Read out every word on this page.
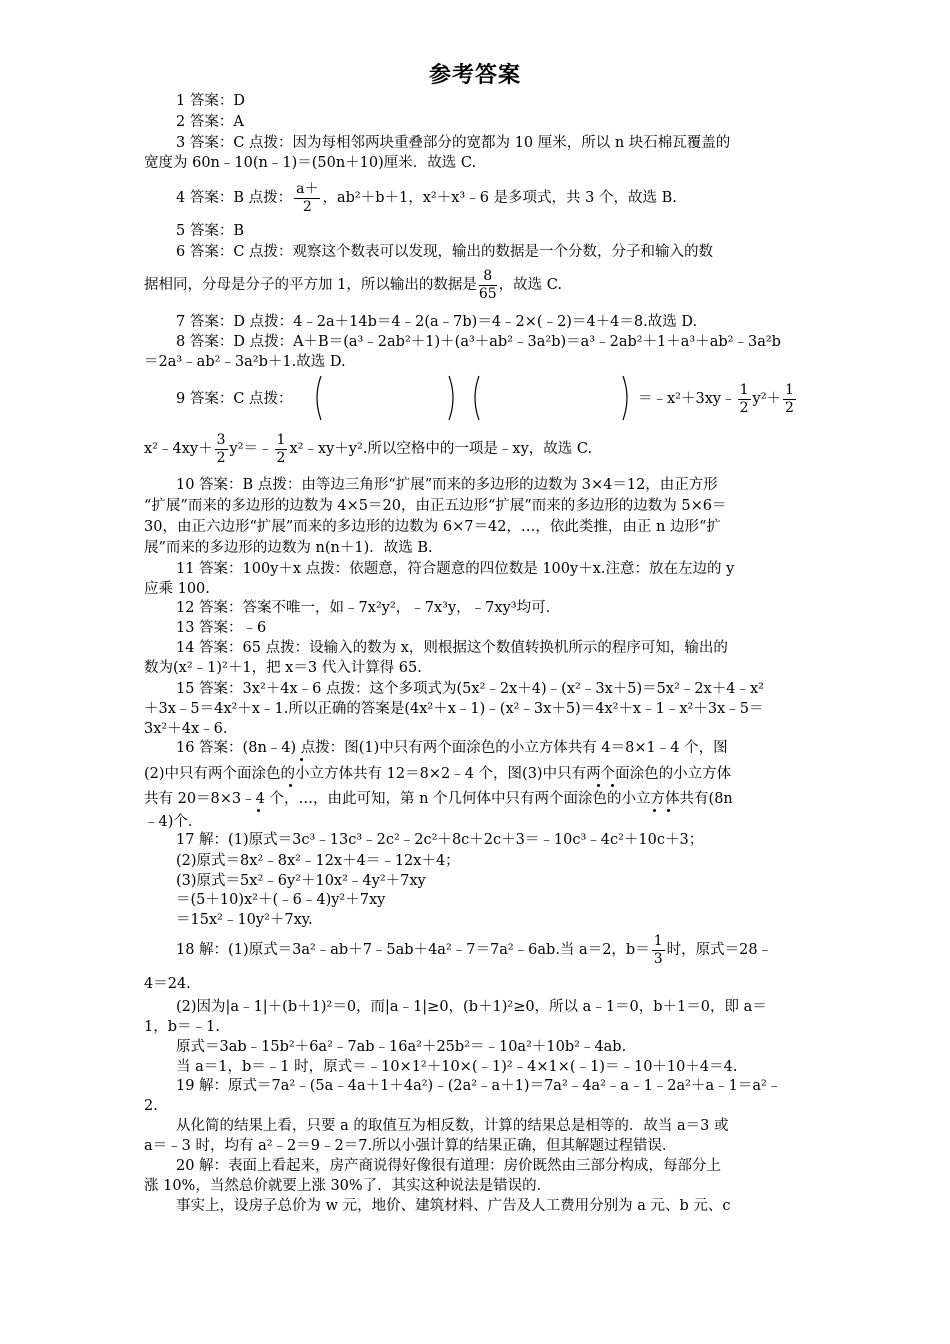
参考答案
1 答案：D
2 答案：A
3 答案：C 点拨：因为每相邻两块重叠部分的宽都为 10 厘米，所以 n 块石棉瓦覆盖的
宽度为 60n﹣10(n﹣1)＝(50n＋10)厘米．故选 C.
4 答案：B 点拨： $\frac{a+}{2}$ ，ab²＋b＋1，x²＋x³﹣6 是多项式，共 3 个，故选 B.
5 答案：B
6 答案：C 点拨：观察这个数表可以发现，输出的数据是一个分数，分子和输入的数
据相同，分母是分子的平方加 1，所以输出的数据是 $\frac{8}{65}$ ，故选 C.
7 答案：D 点拨：4﹣2a＋14b＝4﹣2(a﹣7b)＝4﹣2×(﹣2)＝4＋4＝8.故选 D.
8 答案：D 点拨：A＋B＝(a³﹣2ab²＋1)＋(a³＋ab²﹣3a²b)＝a³﹣2ab²＋1＋a³＋ab²﹣3a²b
＝2a³﹣ab²﹣3a²b＋1.故选 D.
9 答案：C 点拨：	＝﹣x²＋3xy﹣ $\frac{1}{2} y^2+ \frac{1}{2}$
x²﹣4xy＋ $\frac{3}{2}$ y²＝﹣ $\frac{1}{2}$ x²﹣xy＋y².所以空格中的一项是﹣xy，故选 C.
10 答案：B 点拨：由等边三角形“扩展”而来的多边形的边数为 3×4＝12，由正方形
“扩展”而来的多边形的边数为 4×5＝20，由正五边形“扩展”而来的多边形的边数为 5×6＝
30，由正六边形“扩展”而来的多边形的边数为 6×7＝42，…，依此类推，由正 n 边形“扩
展”而来的多边形的边数为 n(n＋1)．故选 B.
11 答案：100y＋x 点拨：依题意，符合题意的四位数是 100y＋x.注意：放在左边的 y
应乘 100.
12 答案：答案不唯一，如﹣7x²y²，﹣7x³y，﹣7xy³均可．
13 答案：﹣6
14 答案：65 点拨：设输入的数为 x，则根据这个数值转换机所示的程序可知，输出的
数为(x²﹣1)²＋1，把 x＝3 代入计算得 65.
15 答案：3x²＋4x﹣6 点拨：这个多项式为(5x²﹣2x＋4)﹣(x²﹣3x＋5)＝5x²﹣2x＋4﹣x²
＋3x﹣5＝4x²＋x﹣1.所以正确的答案是(4x²＋x﹣1)﹣(x²﹣3x＋5)＝4x²＋x﹣1﹣x²＋3x﹣5＝
3x²＋4x﹣6.
16 答案：(8n﹣4) 点拨：图(1)中只有两个面涂色的小立方体共有 4＝8×1﹣4 个，图
(2)中只有两个面涂色的小立方体共有 12＝8×2﹣4 个，图(3)中只有两个面涂色的小立方体
共有 20＝8×3﹣4 个，…，由此可知，第 n 个几何体中只有两个面涂色的小立方体共有(8n
﹣4)个．
17 解：(1)原式＝3c³﹣13c³﹣2c²﹣2c²＋8c＋2c＋3＝﹣10c³﹣4c²＋10c＋3；
(2)原式＝8x²﹣8x²﹣12x＋4＝﹣12x＋4；
(3)原式＝5x²﹣6y²＋10x²﹣4y²＋7xy
＝(5＋10)x²＋(﹣6﹣4)y²＋7xy
＝15x²﹣10y²＋7xy.
18 解：(1)原式＝3a²﹣ab＋7﹣5ab＋4a²﹣7＝7a²﹣6ab.当 a＝2，$b= \frac{1}{3}$ 时，原式＝28﹣
4＝24.
(2)因为|a﹣1|＋(b＋1)²＝0，而|a﹣1|≥0，(b＋1)²≥0，所以 a﹣1＝0，b＋1＝0，即 a＝
1，b＝﹣1.
原式＝3ab﹣15b²＋6a²﹣7ab﹣16a²＋25b²＝﹣10a²＋10b²﹣4ab.
当 a＝1，b＝﹣1 时，原式＝﹣10×1²＋10×(﹣1)²﹣4×1×(﹣1)＝﹣10＋10＋4＝4.
19 解：原式＝7a²﹣(5a﹣4a＋1＋4a²)﹣(2a²﹣a＋1)＝7a²﹣4a²﹣a﹣1﹣2a²＋a﹣1＝a²﹣
2.
从化简的结果上看，只要 a 的取值互为相反数，计算的结果总是相等的．故当 a＝3 或
a＝﹣3 时，均有 a²﹣2＝9﹣2＝7.所以小强计算的结果正确，但其解题过程错误．
20 解：表面上看起来，房产商说得好像很有道理：房价既然由三部分构成，每部分上
涨 10%，当然总价就要上涨 30%了．其实这种说法是错误的．
事实上，设房子总价为 w 元，地价、建筑材料、广告及人工费用分别为 a 元、b 元、c
